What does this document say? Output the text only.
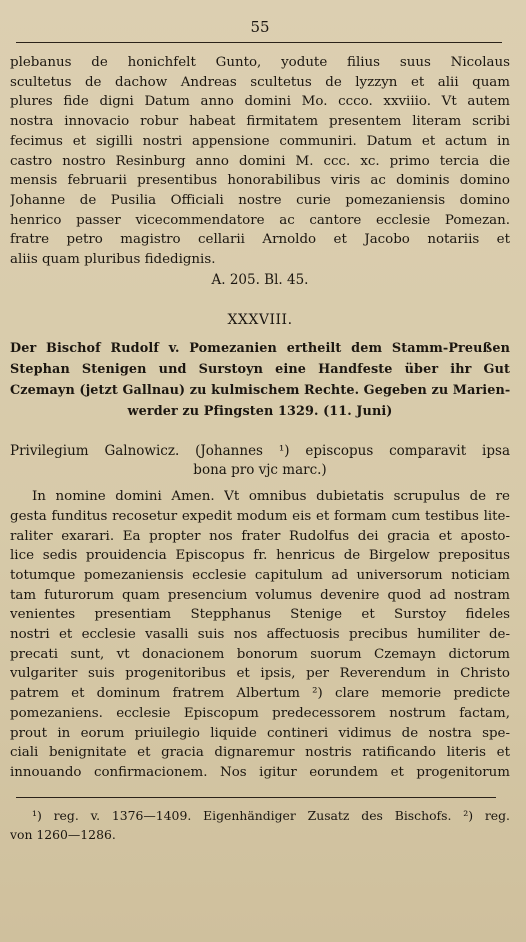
55
plebanus de honichfelt Gunto, yodute filius suus Nicolaus
scultetus de dachow Andreas scultetus de lyzzyn et alii quam
plures fide digni Datum anno domini Mo. ccco. xxviiio. Vt autem
nostra innovacio robur habeat firmitatem presentem literam scribi
fecimus et sigilli nostri appensione communiri. Datum et actum in
castro nostro Resinburg anno domini M. ccc. xc. primo tercia die
mensis februarii presentibus honorabilibus viris ac dominis domino
Johanne de Pusilia Officiali nostre curie pomezaniensis domino
henrico passer vicecommendatore ac cantore ecclesie Pomezan.
fratre petro magistro cellarii Arnoldo et Jacobo notariis et
aliis quam pluribus fidedignis.
A. 205. Bl. 45.
XXXVIII.
Der Bischof Rudolf v. Pomezanien ertheilt dem Stamm-Preußen
Stephan Stenigen und Surstoyn eine Handfeste über ihr Gut
Czemayn (jetzt Gallnau) zu kulmischem Rechte. Gegeben zu Marien-
werder zu Pfingsten 1329. (11. Juni)
Privilegium Galnowicz. (Johannes ¹) episcopus comparavit ipsa
bona pro vjc marc.)
In nomine domini Amen. Vt omnibus dubietatis scrupulus de re
gesta funditus recosetur expedit modum eis et formam cum testibus lite-
raliter exarari. Ea propter nos frater Rudolfus dei gracia et aposto-
lice sedis prouidencia Episcopus fr. henricus de Birgelow prepositus
totumque pomezaniensis ecclesie capitulum ad universorum noticiam
tam futurorum quam presencium volumus devenire quod ad nostram
venientes presentiam Stepphanus Stenige et Surstoy fideles
nostri et ecclesie vasalli suis nos affectuosis precibus humiliter de-
precati sunt, vt donacionem bonorum suorum Czemayn dictorum
vulgariter suis progenitoribus et ipsis, per Reverendum in Christo
patrem et dominum fratrem Albertum ²) clare memorie predicte
pomezaniens. ecclesie Episcopum predecessorem nostrum factam,
prout in eorum priuilegio liquide contineri vidimus de nostra spe-
ciali benignitate et gracia dignaremur nostris ratificando literis et
innouando confirmacionem. Nos igitur eorundem et progenitorum
¹) reg. v. 1376—1409. Eigenhändiger Zusatz des Bischofs. ²) reg.
von 1260—1286.
